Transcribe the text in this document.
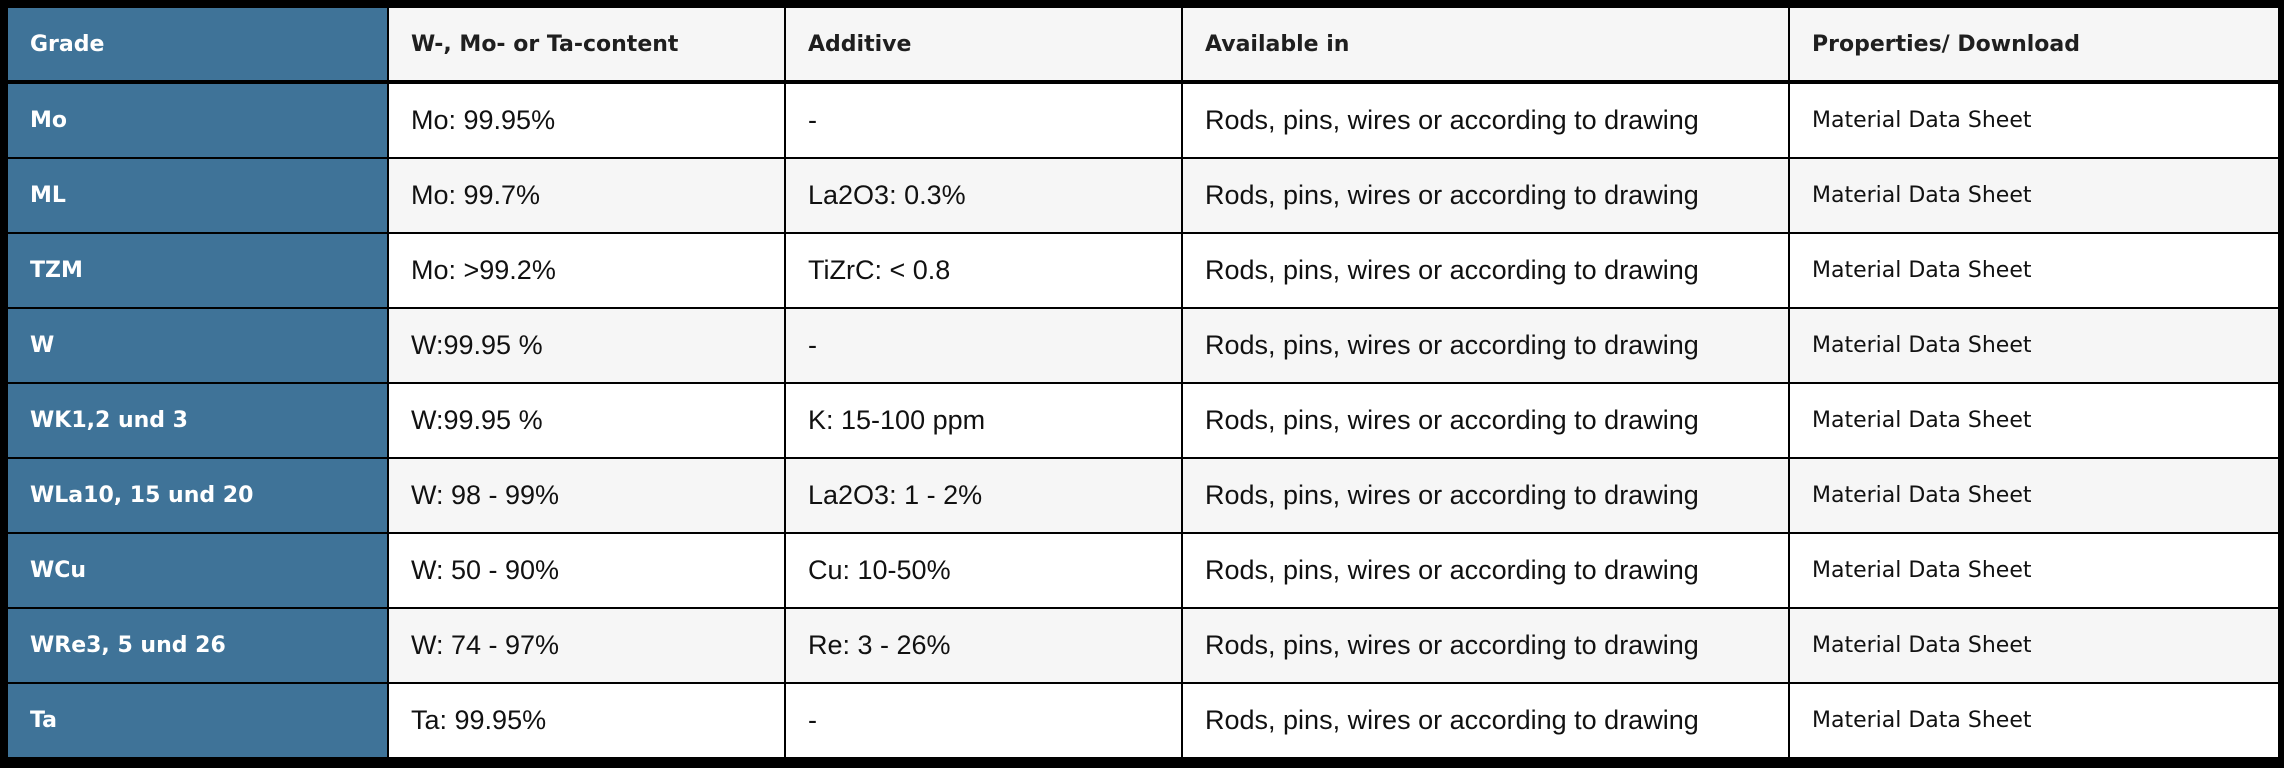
Grade	W-, Mo- or Ta-content	Additive	Available in	Properties/ Download
Mo	Mo: 99.95%	-	Rods, pins, wires or according to drawing	Material Data Sheet
ML	Mo: 99.7%	La2O3: 0.3%	Rods, pins, wires or according to drawing	Material Data Sheet
TZM	Mo: >99.2%	TiZrC: < 0.8	Rods, pins, wires or according to drawing	Material Data Sheet
W	W:99.95 %	-	Rods, pins, wires or according to drawing	Material Data Sheet
WK1,2 und 3	W:99.95 %	K: 15-100 ppm	Rods, pins, wires or according to drawing	Material Data Sheet
WLa10, 15 und 20	W: 98 - 99%	La2O3: 1 - 2%	Rods, pins, wires or according to drawing	Material Data Sheet
WCu	W: 50 - 90%	Cu: 10-50%	Rods, pins, wires or according to drawing	Material Data Sheet
WRe3, 5 und 26	W: 74 - 97%	Re: 3 - 26%	Rods, pins, wires or according to drawing	Material Data Sheet
Ta	Ta: 99.95%	-	Rods, pins, wires or according to drawing	Material Data Sheet
